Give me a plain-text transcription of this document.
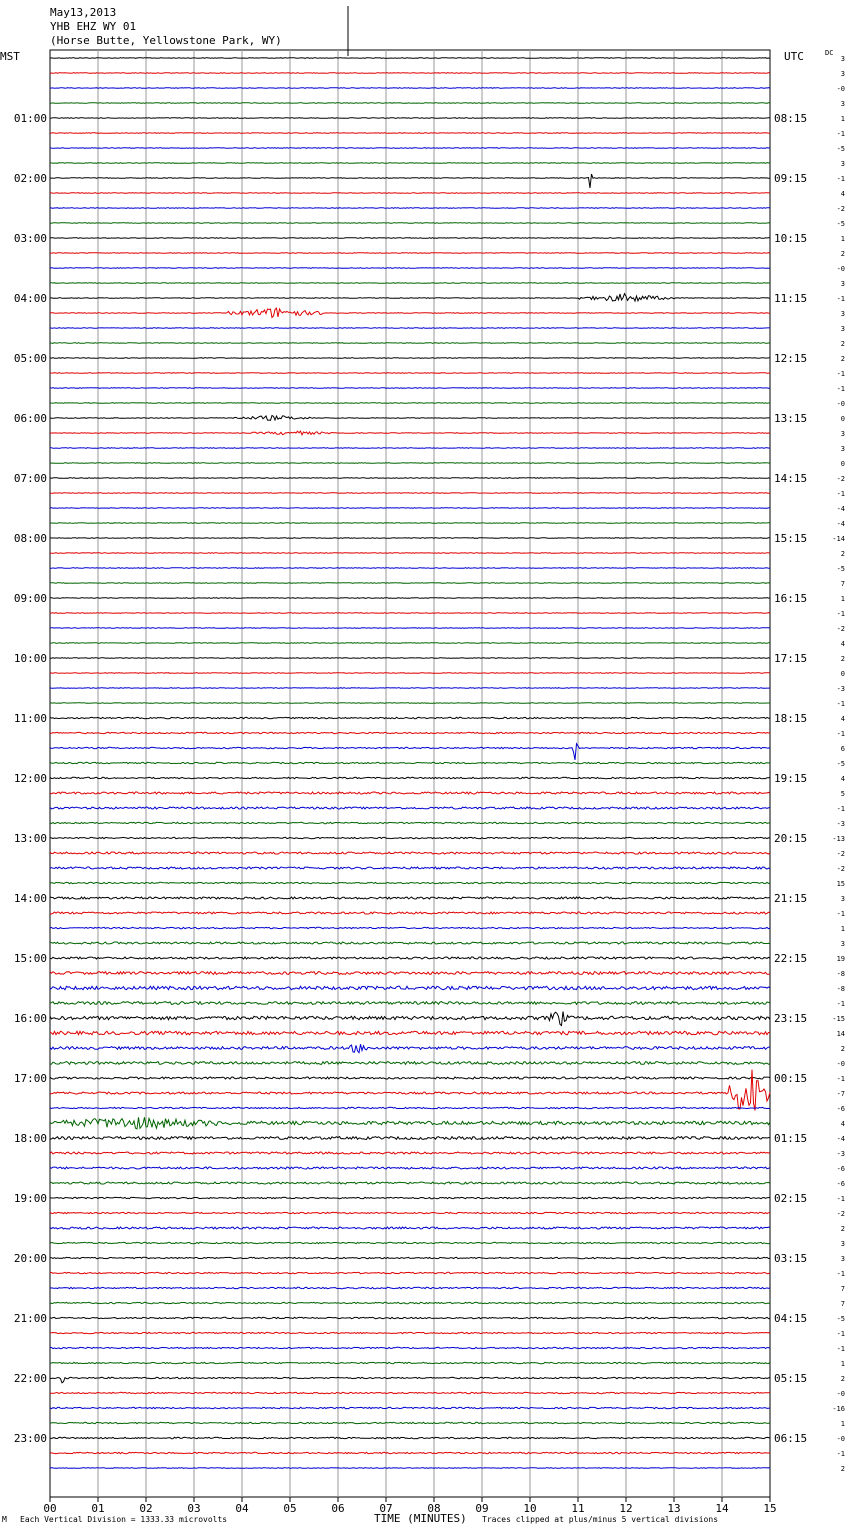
May13,2013
YHB EHZ WY 01
(Horse Butte, Yellowstone Park, WY)
MST	UTC	DC
3
3
-0
3
1
-1
-5
3
-1
4
-2
-5
1
2
-0
3
-1
3
3
2
2
-1
-1
-0
0
3
3
0
-2
-1
-4
-4
-14
2
-5
7
1
-1
-2
4
2
0
-3
-1
4
-1
6
-5
4
5
-1
-3
-13
-2
-2
15
3
-1
1
3
19
-8
-8
-1
-15
14
2
-0
-1
-7
-6
4
-4
-3
-6
-6
-1
-2
2
3
3
-1
7
7
-5
-1
-1
1
2
-0
-16
1
-0
-1
2
01:00	08:15
02:00	09:15
03:00	10:15
04:00	11:15
05:00	12:15
06:00	13:15
07:00	14:15
08:00	15:15
09:00	16:15
10:00	17:15
11:00	18:15
12:00	19:15
13:00	20:15
14:00	21:15
15:00	22:15
16:00	23:15
17:00	00:15
18:00	01:15
19:00	02:15
20:00	03:15
21:00	04:15
22:00	05:15
23:00	06:15
00	01	02	03	04	05	06	07	08	09	10	11	12	13	14	15
TIME (MINUTES)
M Each Vertical Division = 1333.33 microvolts	Traces clipped at plus/minus 5 vertical divisions
